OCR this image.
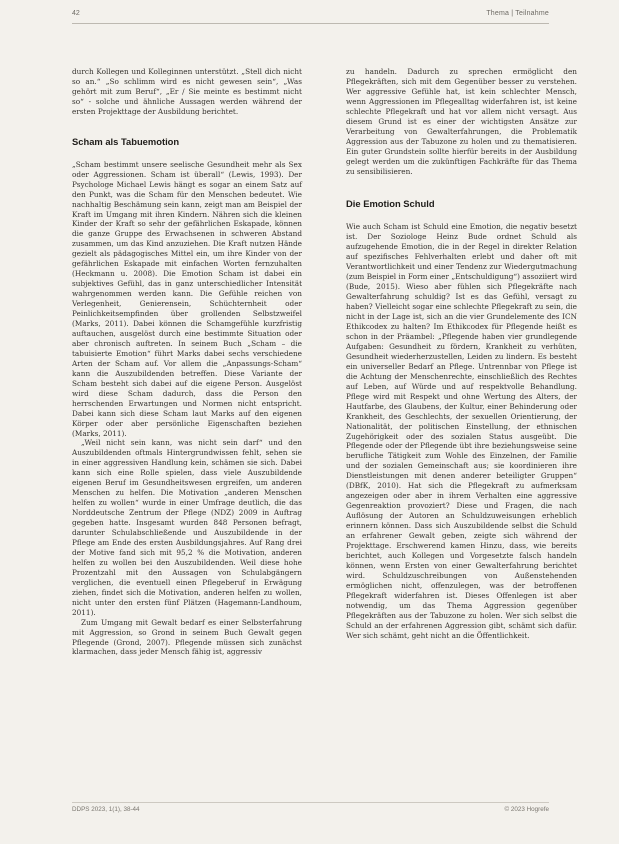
42	Thema | Teilnahme

durch Kollegen und Kolleginnen unterstützt. „Stell dich nicht so an.“ „So schlimm wird es nicht gewesen sein“, „Was gehört mit zum Beruf“, „Er / Sie meinte es bestimmt nicht so“ - solche und ähnliche Aussagen werden während der ersten Projekttage der Ausbildung berichtet.

Scham als Tabuemotion

„Scham bestimmt unsere seelische Gesundheit mehr als Sex oder Aggressionen. Scham ist überall“ (Lewis, 1993). Der Psychologe Michael Lewis hängt es sogar an einem Satz auf den Punkt, was die Scham für den Menschen bedeutet. Wie nachhaltig Beschämung sein kann, zeigt man am Beispiel der Kraft im Umgang mit ihren Kindern. Nähren sich die kleinen Kinder der Kraft so sehr der gefährlichen Eskapade, können die ganze Gruppe des Erwachsenen in schweren Abstand zusammen, um das Kind anzuziehen. Die Kraft nutzen Hände gezielt als pädagogisches Mittel ein, um ihre Kinder von der gefährlichen Eskapade mit einfachen Worten fernzuhalten (Heckmann u. 2008). Die Emotion Scham ist dabei ein subjektives Gefühl, das in ganz unterschiedlicher Intensität wahrgenommen werden kann. Die Gefühle reichen von Verlegenheit, Genierensein, Schüchternheit oder Peinlichkeitsempfinden über grollenden Selbstzweifel (Marks, 2011). Dabei können die Schamgefühle kurzfristig auftauchen, ausgelöst durch eine bestimmte Situation oder aber chronisch auftreten. In seinem Buch „Scham – die tabuisierte Emotion“ führt Marks dabei sechs verschiedene Arten der Scham auf. Vor allem die „Anpassungs-Scham“ kann die Auszubildenden betreffen. Diese Variante der Scham besteht sich dabei auf die eigene Person. Ausgelöst wird diese Scham dadurch, dass die Person den herrschenden Erwartungen und Normen nicht entspricht. Dabei kann sich diese Scham laut Marks auf den eigenen Körper oder aber persönliche Eigenschaften beziehen (Marks, 2011).

„Weil nicht sein kann, was nicht sein darf“ und den Auszubildenden oftmals Hintergrundwissen fehlt, sehen sie in einer aggressiven Handlung kein, schämen sie sich. Dabei kann sich eine Rolle spielen, dass viele Auszubildende eigenen Beruf im Gesundheitswesen ergreifen, um anderen Menschen zu helfen. Die Motivation „anderen Menschen helfen zu wollen“ wurde in einer Umfrage deutlich, die das Norddeutsche Zentrum der Pflege (NDZ) 2009 in Auftrag gegeben hatte. Insgesamt wurden 848 Personen befragt, darunter Schulabschließende und Auszubildende in der Pflege am Ende des ersten Ausbildungsjahres. Auf Rang drei der Motive fand sich mit 95,2 % die Motivation, anderen helfen zu wollen bei den Auszubildenden. Weil diese hohe Prozentzahl mit den Aussagen von Schulabgängern verglichen, die eventuell einen Pflegeberuf in Erwägung ziehen, findet sich die Motivation, anderen helfen zu wollen, nicht unter den ersten fünf Plätzen (Hagemann-Landhoum, 2011).

Zum Umgang mit Gewalt bedarf es einer Selbsterfahrung mit Aggression, so Grond in seinem Buch Gewalt gegen Pflegende (Grond, 2007). Pflegende müssen sich zunächst klarmachen, dass jeder Mensch fähig ist, aggressiv

zu handeln. Dadurch zu sprechen ermöglicht den Pflegekräften, sich mit dem Gegenüber besser zu verstehen. Wer aggressive Gefühle hat, ist kein schlechter Mensch, wenn Aggressionen im Pflegealltag widerfahren ist, ist keine schlechte Pflegekraft und hat vor allem nicht versagt. Aus diesem Grund ist es einer der wichtigsten Ansätze zur Verarbeitung von Gewalterfahrungen, die Problematik Aggression aus der Tabuzone zu holen und zu thematisieren. Ein guter Grundstein sollte hierfür bereits in der Ausbildung gelegt werden um die zukünftigen Fachkräfte für das Thema zu sensibilisieren.

Die Emotion Schuld

Wie auch Scham ist Schuld eine Emotion, die negativ besetzt ist. Der Soziologe Heinz Bude ordnet Schuld als aufzugehende Emotion, die in der Regel in direkter Relation auf spezifisches Fehlverhalten erlebt und daher oft mit Verantwortlichkeit und einer Tendenz zur Wiedergutmachung (zum Beispiel in Form einer „Entschuldigung“) assoziiert wird (Bude, 2015). Wieso aber fühlen sich Pflegekräfte nach Gewalterfahrung schuldig? Ist es das Gefühl, versagt zu haben? Vielleicht sogar eine schlechte Pflegekraft zu sein, die nicht in der Lage ist, sich an die vier Grundelemente des ICN Ethikcodex zu halten? Im Ethikcodex für Pflegende heißt es schon in der Präambel: „Pflegende haben vier grundlegende Aufgaben: Gesundheit zu fördern, Krankheit zu verhüten, Gesundheit wiederherzustellen, Leiden zu lindern. Es besteht ein universeller Bedarf an Pflege. Untrennbar von Pflege ist die Achtung der Menschenrechte, einschließlich des Rechtes auf Leben, auf Würde und auf respektvolle Behandlung. Pflege wird mit Respekt und ohne Wertung des Alters, der Hautfarbe, des Glaubens, der Kultur, einer Behinderung oder Krankheit, des Geschlechts, der sexuellen Orientierung, der Nationalität, der politischen Einstellung, der ethnischen Zugehörigkeit oder des sozialen Status ausgeübt. Die Pflegende oder der Pflegende übt ihre beziehungsweise seine berufliche Tätigkeit zum Wohle des Einzelnen, der Familie und der sozialen Gemeinschaft aus; sie koordinieren ihre Dienstleistungen mit denen anderer beteiligter Gruppen“ (DBfK, 2010). Hat sich die Pflegekraft zu aufmerksam angezeigen oder aber in ihrem Verhalten eine aggressive Gegenreaktion provoziert? Diese und Fragen, die nach Auflösung der Autoren an Schuldzuweisungen erheblich erinnern können. Dass sich Auszubildende selbst die Schuld an erfahrener Gewalt geben, zeigte sich während der Projekttage. Erschwerend kamen Hinzu, dass, wie bereits berichtet, auch Kollegen und Vorgesetzte falsch handeln können, wenn Ersten von einer Gewalterfahrung berichtet wird. Schuldzuschreibungen von Außenstehenden ermöglichen nicht, offenzulegen, was der betroffenen Pflegekraft widerfahren ist. Dieses Offenlegen ist aber notwendig, um das Thema Aggression gegenüber Pflegekräften aus der Tabuzone zu holen. Wer sich selbst die Schuld an der erfahrenen Aggression gibt, schämt sich dafür. Wer sich schämt, geht nicht an die Öffentlichkeit.

DDPS 2023, 1(1), 38-44	© 2023 Hogrefe
